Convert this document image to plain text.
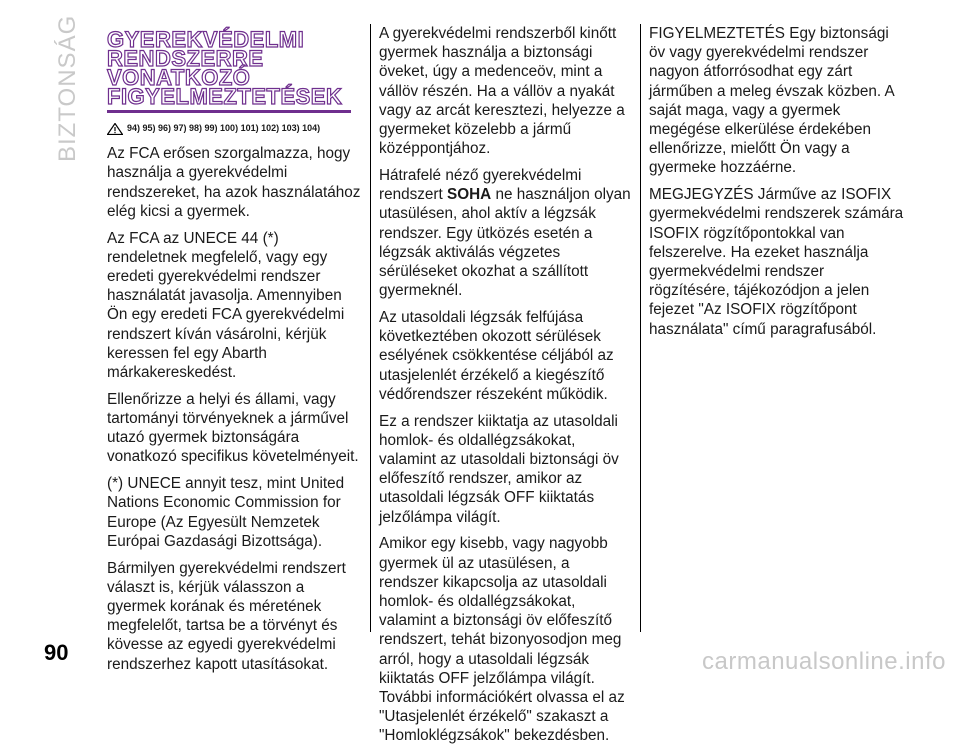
BIZTONSÁG GYEREKVÉDELMI
RENDSZERRE
VONATKOZÓ
FIGYELMEZTETÉSEK
94) 95) 96) 97) 98) 99) 100) 101) 102) 103) 104)

Az FCA erősen szorgalmazza, hogy használja a gyerekvédelmi rendszereket, ha azok használatához elég kicsi a gyermek.

Az FCA az UNECE 44 (*) rendeletnek megfelelő, vagy egy eredeti gyerekvédelmi rendszer használatát javasolja. Amennyiben Ön egy eredeti FCA gyerekvédelmi rendszert kíván vásárolni, kérjük keressen fel egy Abarth márkakereskedést.

Ellenőrizze a helyi és állami, vagy tartományi törvényeknek a járművel utazó gyermek biztonságára vonatkozó specifikus követelményeit.

(*) UNECE annyit tesz, mint United Nations Economic Commission for Europe (Az Egyesült Nemzetek Európai Gazdasági Bizottsága).

Bármilyen gyerekvédelmi rendszert választ is, kérjük válasszon a gyermek korának és méretének megfelelőt, tartsa be a törvényt és kövesse az egyedi gyerekvédelmi rendszerhez kapott utasításokat.

A gyerekvédelmi rendszerből kinőtt gyermek használja a biztonsági öveket, úgy a medenceöv, mint a vállöv részén. Ha a vállöv a nyakát vagy az arcát keresztezi, helyezze a gyermeket közelebb a jármű középpontjához.

Hátrafelé néző gyerekvédelmi rendszert SOHA ne használjon olyan utasülésen, ahol aktív a légzsák rendszer. Egy ütközés esetén a légzsák aktiválás végzetes sérüléseket okozhat a szállított gyermeknél.

Az utasoldali légzsák felfújása következtében okozott sérülések esélyének csökkentése céljából az utasjelenlét érzékelő a kiegészítő védőrendszer részeként működik.

Ez a rendszer kiiktatja az utasoldali homlok- és oldallégzsákokat, valamint az utasoldali biztonsági öv előfeszítő rendszer, amikor az utasoldali légzsák OFF kiiktatás jelzőlámpa világít.

Amikor egy kisebb, vagy nagyobb gyermek ül az utasülésen, a rendszer kikapcsolja az utasoldali homlok- és oldallégzsákokat, valamint a biztonsági öv előfeszítő rendszert, tehát bizonyosodjon meg arról, hogy a utasoldali légzsák kiiktatás OFF jelzőlámpa világít. További információkért olvassa el az "Utasjelenlét érzékelő" szakaszt a "Homloklégzsákok" bekezdésben.

FIGYELMEZTETÉS Egy biztonsági öv vagy gyerekvédelmi rendszer nagyon átforrósodhat egy zárt járműben a meleg évszak közben. A saját maga, vagy a gyermek megégése elkerülése érdekében ellenőrizze, mielőtt Ön vagy a gyermeke hozzáérne.

MEGJEGYZÉS Járműve az ISOFIX gyermekvédelmi rendszerek számára ISOFIX rögzítőpontokkal van felszerelve. Ha ezeket használja gyermekvédelmi rendszer rögzítésére, tájékozódjon a jelen fejezet "Az ISOFIX rögzítőpont használata" című paragrafusából.

90	carmanualsonline.info
